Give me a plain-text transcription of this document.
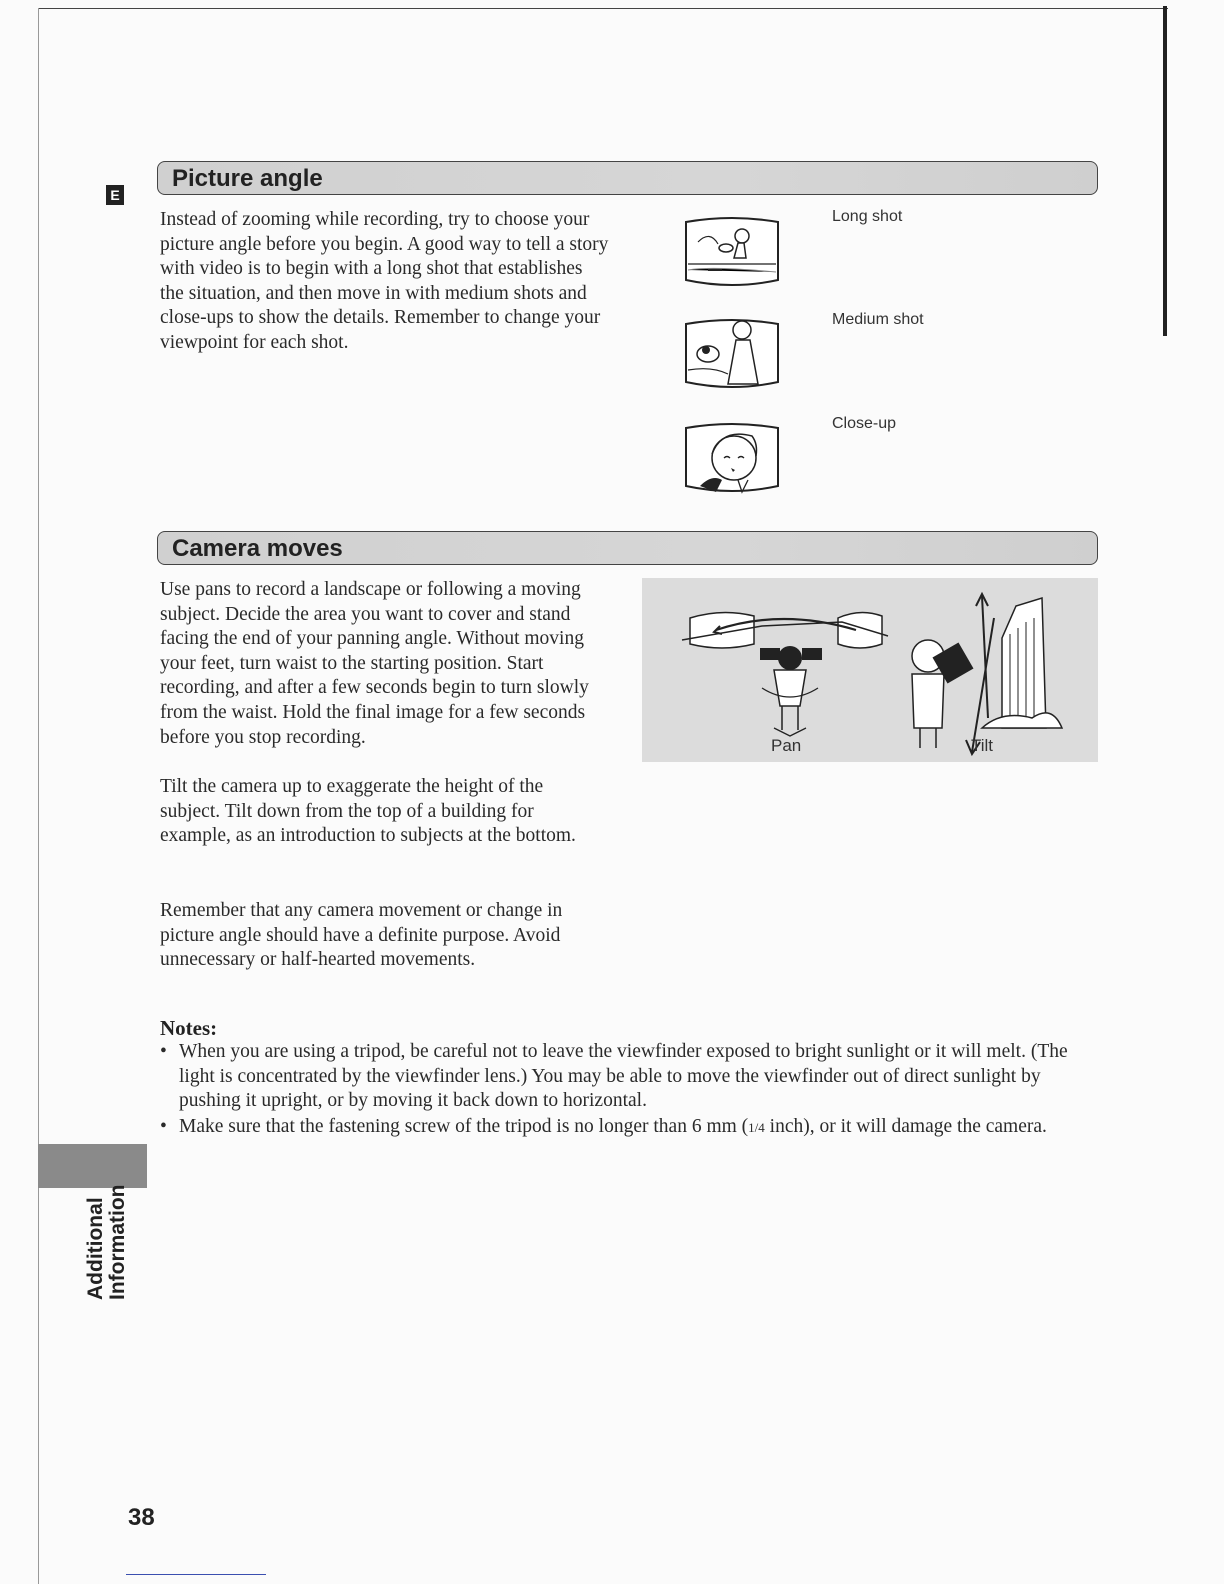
E
Picture angle

Instead of zooming while recording, try to choose your picture angle before you begin. A good way to tell a story with video is to begin with a long shot that establishes the situation, and then move in with medium shots and close-ups to show the details. Remember to change your viewpoint for each shot.

Long shot
Medium shot
Close-up
Camera moves

Use pans to record a landscape or following a moving subject. Decide the area you want to cover and stand facing the end of your panning angle. Without moving your feet, turn waist to the starting position. Start recording, and after a few seconds begin to turn slowly from the waist. Hold the final image for a few seconds before you stop recording.	Pan	Tilt

Tilt the camera up to exaggerate the height of the subject. Tilt down from the top of a building for example, as an introduction to subjects at the bottom.

Remember that any camera movement or change in picture angle should have a definite purpose. Avoid unnecessary or half-hearted movements.

Notes:
• When you are using a tripod, be careful not to leave the viewfinder exposed to bright sunlight or it will melt. (The light is concentrated by the viewfinder lens.) You may be able to move the viewfinder out of direct sunlight by pushing it upright, or by moving it back down to horizontal.
• Make sure that the fastening screw of the tripod is no longer than 6 mm (1/4 inch), or it will damage the camera.
Additional Information
38
